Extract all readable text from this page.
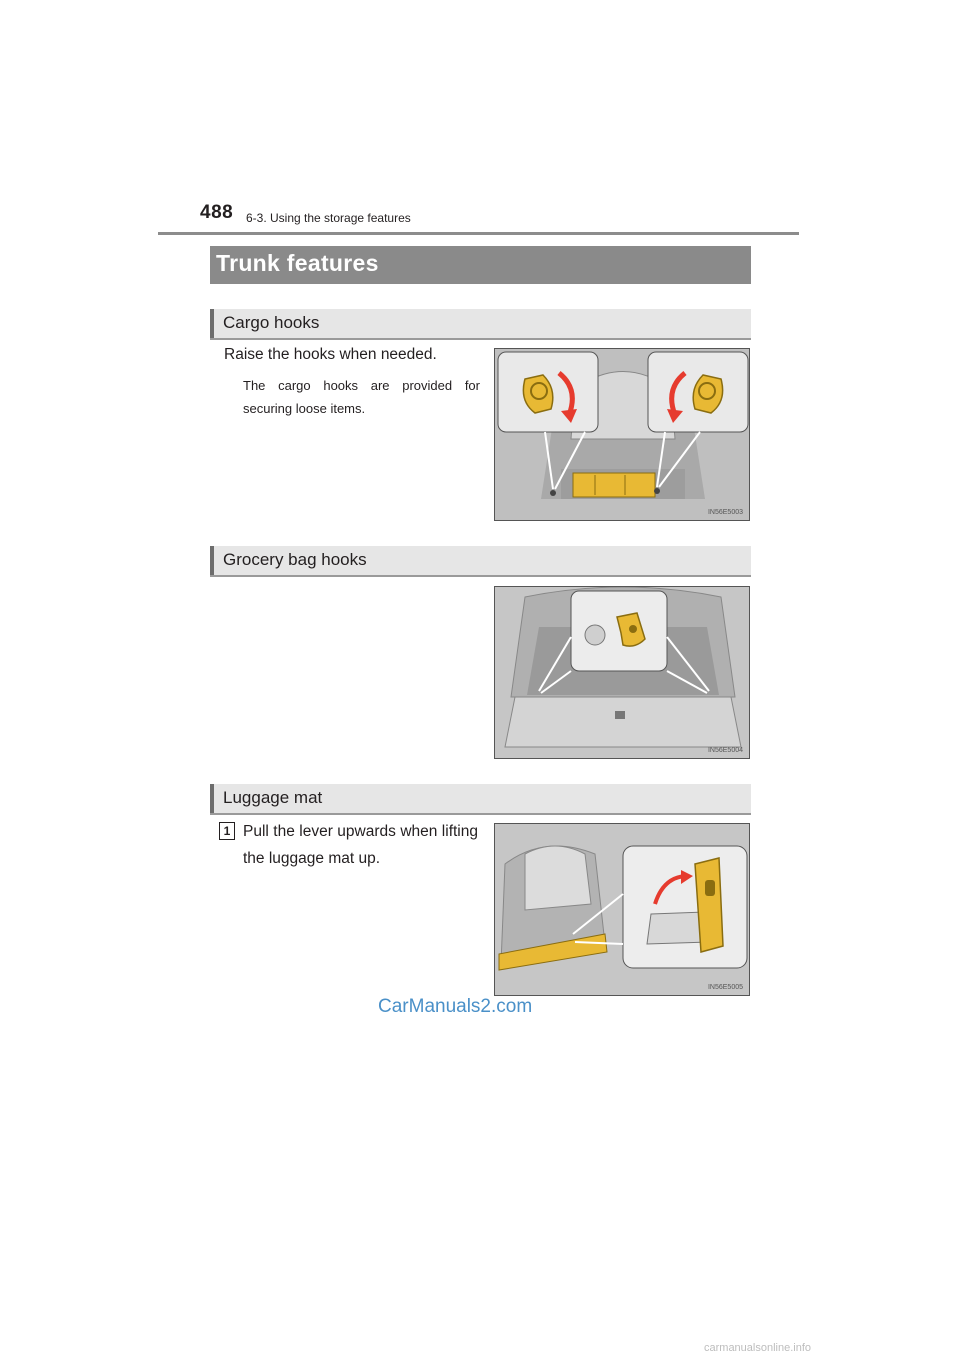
488 6-3. Using the storage features
Trunk features
Cargo hooks
Raise the hooks when needed.
The cargo hooks are provided for securing loose items.
IN56E5003
Grocery bag hooks
IN56E5004
Luggage mat
1 Pull the lever upwards when lifting the luggage mat up.
IN56E5005
CarManuals2.com
carmanualsonline.info
